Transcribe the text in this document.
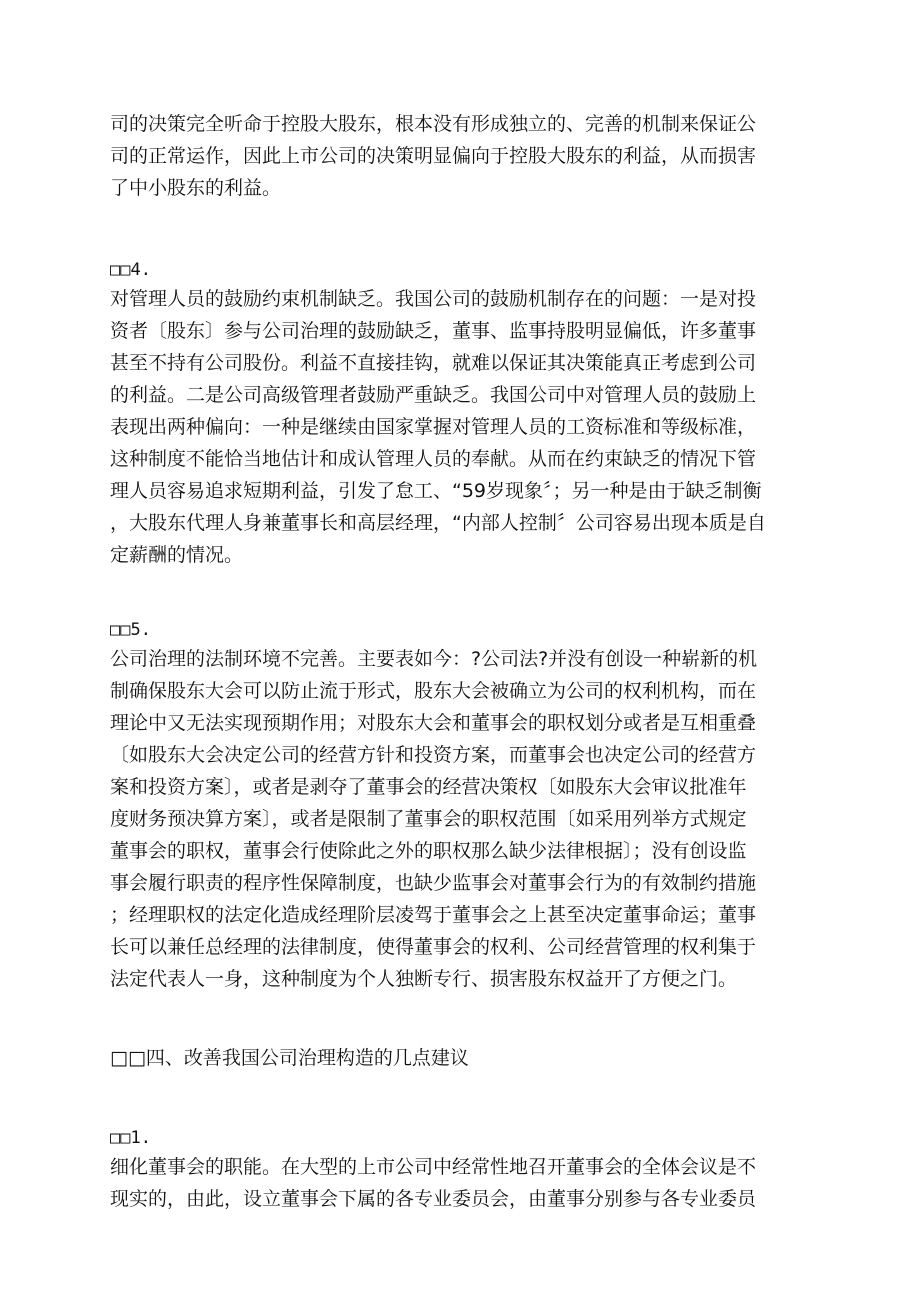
司的决策完全听命于控股大股东，根本没有形成独立的、完善的机制来保证公
司的正常运作，因此上市公司的决策明显偏向于控股大股东的利益，从而损害
了中小股东的利益。
□□4.
对管理人员的鼓励约束机制缺乏。我国公司的鼓励机制存在的问题：一是对投
资者〔股东〕参与公司治理的鼓励缺乏，董事、监事持股明显偏低，许多董事
甚至不持有公司股份。利益不直接挂钩，就难以保证其决策能真正考虑到公司
的利益。二是公司高级管理者鼓励严重缺乏。我国公司中对管理人员的鼓励上
表现出两种偏向：一种是继续由国家掌握对管理人员的工资标准和等级标准，
这种制度不能恰当地估计和成认管理人员的奉献。从而在约束缺乏的情况下管
理人员容易追求短期利益，引发了怠工、“59岁现象〞；另一种是由于缺乏制衡
，大股东代理人身兼董事长和高层经理，“内部人控制〞公司容易出现本质是自
定薪酬的情况。
□□5.
公司治理的法制环境不完善。主要表如今：?公司法?并没有创设一种崭新的机
制确保股东大会可以防止流于形式，股东大会被确立为公司的权利机构，而在
理论中又无法实现预期作用；对股东大会和董事会的职权划分或者是互相重叠
〔如股东大会决定公司的经营方针和投资方案，而董事会也决定公司的经营方
案和投资方案〕，或者是剥夺了董事会的经营决策权〔如股东大会审议批准年
度财务预决算方案〕，或者是限制了董事会的职权范围〔如采用列举方式规定
董事会的职权，董事会行使除此之外的职权那么缺少法律根据〕；没有创设监
事会履行职责的程序性保障制度，也缺少监事会对董事会行为的有效制约措施
；经理职权的法定化造成经理阶层凌驾于董事会之上甚至决定董事命运；董事
长可以兼任总经理的法律制度，使得董事会的权利、公司经营管理的权利集于
法定代表人一身，这种制度为个人独断专行、损害股东权益开了方便之门。
□□四、改善我国公司治理构造的几点建议
□□1.
细化董事会的职能。在大型的上市公司中经常性地召开董事会的全体会议是不
现实的，由此，设立董事会下属的各专业委员会，由董事分别参与各专业委员
